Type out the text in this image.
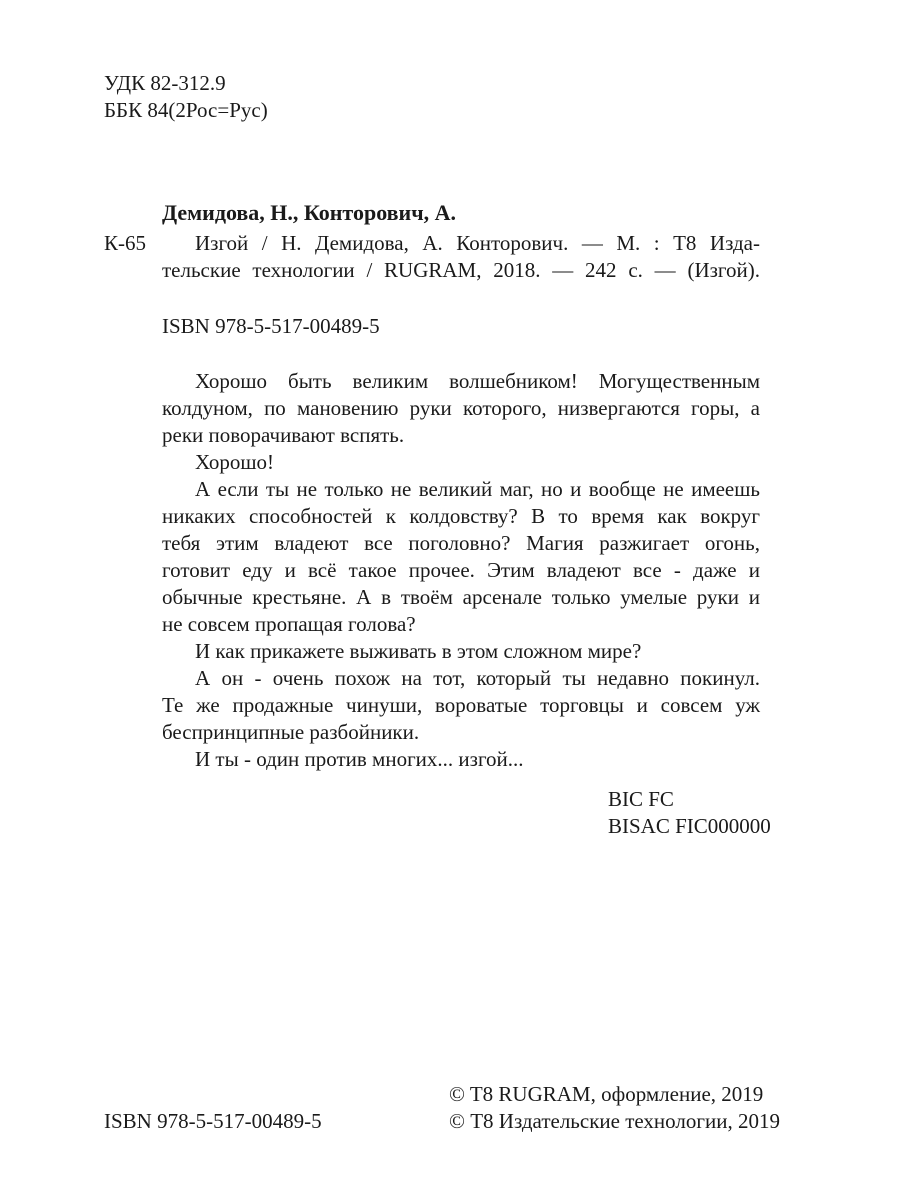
УДК 82-312.9
ББК 84(2Рос=Рус)
Демидова, Н., Конторович, А.
К-65	Изгой / Н. Демидова, А. Конторович. — М. : Т8 Изда-
тельские технологии / RUGRAM, 2018. — 242 с. — (Изгой).
ISBN 978-5-517-00489-5
Хорошо быть великим волшебником! Могущественным
колдуном, по мановению руки которого, низвергаются горы, а
реки поворачивают вспять.
Хорошо!
А если ты не только не великий маг, но и вообще не имеешь
никаких способностей к колдовству? В то время как вокруг
тебя этим владеют все поголовно? Магия разжигает огонь,
готовит еду и всё такое прочее. Этим владеют все - даже и
обычные крестьяне. А в твоём арсенале только умелые руки и
не совсем пропащая голова?
И как прикажете выживать в этом сложном мире?
А он - очень похож на тот, который ты недавно покинул.
Те же продажные чинуши, вороватые торговцы и совсем уж
беспринципные разбойники.
И ты - один против многих... изгой...
BIC FC
BISAC FIC000000
ISBN 978-5-517-00489-5
© T8 RUGRAM, оформление, 2019
© Т8 Издательские технологии, 2019
